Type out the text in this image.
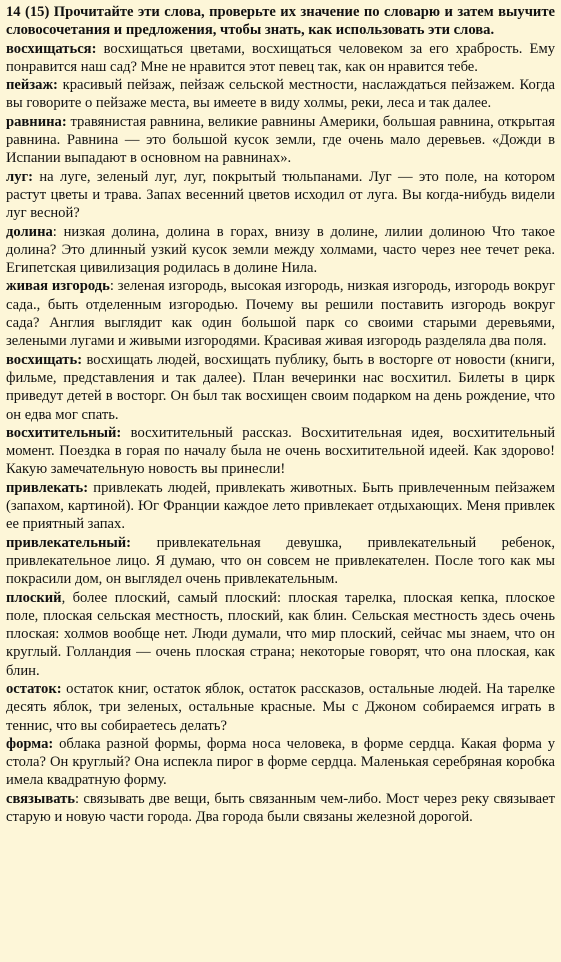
14 (15) Прочитайте эти слова, проверьте их значение по словарю и затем выучите словосочетания и предложения, чтобы знать, как использовать эти слова.

восхищаться: восхищаться цветами, восхищаться человеком за его храбрость. Ему понравится наш сад? Мне не нравится этот певец так, как он нравится тебе.

пейзаж: красивый пейзаж, пейзаж сельской местности, наслаждаться пейзажем. Когда вы говорите о пейзаже места, вы имеете в виду холмы, реки, леса и так далее.

равнина: травянистая равнина, великие равнины Америки, большая равнина, открытая равнина. Равнина — это большой кусок земли, где очень мало деревьев. «Дожди в Испании выпадают в основном на равнинах».

луг: на луге, зеленый луг, луг, покрытый тюльпанами. Луг — это поле, на котором растут цветы и трава. Запах весенний цветов исходил от луга. Вы когда-нибудь видели луг весной?

долина: низкая долина, долина в горах, внизу в долине, лилии долиною Что такое долина? Это длинный узкий кусок земли между холмами, часто через нее течет река. Египетская цивилизация родилась в долине Нила.

живая изгородь: зеленая изгородь, высокая изгородь, низкая изгородь, изгородь вокруг сада., быть отделенным изгородью. Почему вы решили поставить изгородь вокруг сада? Англия выглядит как один большой парк со своими старыми деревьями, зелеными лугами и живыми изгородями. Красивая живая изгородь разделяла два поля.

восхищать: восхищать людей, восхищать публику, быть в восторге от новости (книги, фильме, представления и так далее). План вечеринки нас восхитил. Билеты в цирк приведут детей в восторг. Он был так восхищен своим подарком на день рождение, что он едва мог спать.

восхитительный: восхитительный рассказ. Восхитительная идея, восхитительный момент. Поездка в горая по началу была не очень восхитительной идеей. Как здорово! Какую замечательную новость вы принесли!

привлекать: привлекать людей, привлекать животных. Быть привлеченным пейзажем (запахом, картиной). Юг Франции каждое лето привлекает отдыхающих. Меня привлек ее приятный запах.

привлекательный: привлекательная девушка, привлекательный ребенок, привлекательное лицо. Я думаю, что он совсем не привлекателен. После того как мы покрасили дом, он выглядел очень привлекательным.

плоский, более плоский, самый плоский: плоская тарелка, плоская кепка, плоское поле, плоская сельская местность, плоский, как блин. Сельская местность здесь очень плоская: холмов вообще нет. Люди думали, что мир плоский, сейчас мы знаем, что он круглый. Голландия — очень плоская страна; некоторые говорят, что она плоская, как блин.

остаток: остаток книг, остаток яблок, остаток рассказов, остальные людей. На тарелке десять яблок, три зеленых, остальные красные. Мы с Джоном собираемся играть в теннис, что вы собираетесь делать?

форма: облака разной формы, форма носа человека, в форме сердца. Какая форма у стола? Он круглый? Она испекла пирог в форме сердца. Маленькая серебряная коробка имела квадратную форму.

связывать: связывать две вещи, быть связанным чем-либо. Мост через реку связывает старую и новую части города. Два города были связаны железной дорогой.
